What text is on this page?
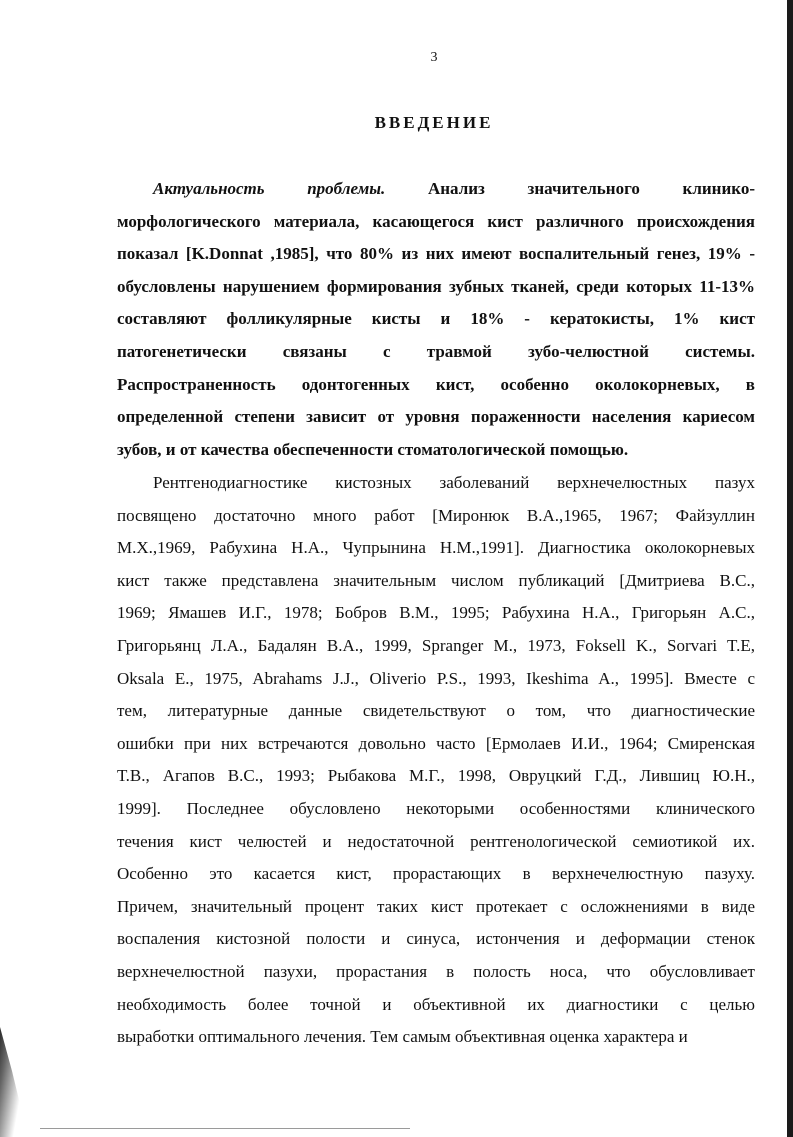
3
ВВЕДЕНИЕ
Актуальность проблемы.	Анализ значительного клинико-
морфологического материала, касающегося кист различного происхождения
показал [K.Donnat ,1985], что 80% из них имеют воспалительный генез, 19% -
обусловлены нарушением формирования зубных тканей, среди которых 11-13%
составляют фолликулярные кисты и 18% - кератокисты, 1% кист
патогенетически связаны с травмой зубо-челюстной системы.
Распространенность одонтогенных кист, особенно околокорневых, в
определенной степени зависит от уровня пораженности населения кариесом
зубов, и от качества обеспеченности стоматологической помощью.
Рентгенодиагностике кистозных заболеваний верхнечелюстных пазух
посвящено достаточно много работ [Миронюк В.А.,1965, 1967; Файзуллин
М.Х.,1969, Рабухина Н.А., Чупрынина Н.М.,1991]. Диагностика околокорневых
кист также представлена значительным числом публикаций [Дмитриева В.С.,
1969; Ямашев И.Г., 1978; Бобров В.М., 1995; Рабухина Н.А., Григорьян А.С.,
Григорьянц Л.А., Бадалян В.А., 1999, Spranger M., 1973, Foksell K., Sorvari T.E,
Oksala E., 1975, Abrahams J.J., Oliverio P.S., 1993, Ikeshima A., 1995]. Вместе с
тем, литературные данные свидетельствуют о том, что диагностические
ошибки при них встречаются довольно часто [Ермолаев И.И., 1964; Смиренская
Т.В., Агапов В.С., 1993; Рыбакова М.Г., 1998, Овруцкий Г.Д., Лившиц Ю.Н.,
1999]. Последнее обусловлено некоторыми особенностями клинического
течения кист челюстей и недостаточной рентгенологической семиотикой их.
Особенно это касается кист, прорастающих в верхнечелюстную пазуху.
Причем, значительный процент таких кист протекает с осложнениями в виде
воспаления кистозной полости и синуса, истончения и деформации стенок
верхнечелюстной пазухи, прорастания в полость носа, что обусловливает
необходимость более точной и объективной их диагностики с целью
выработки оптимального лечения. Тем самым объективная оценка характера и
